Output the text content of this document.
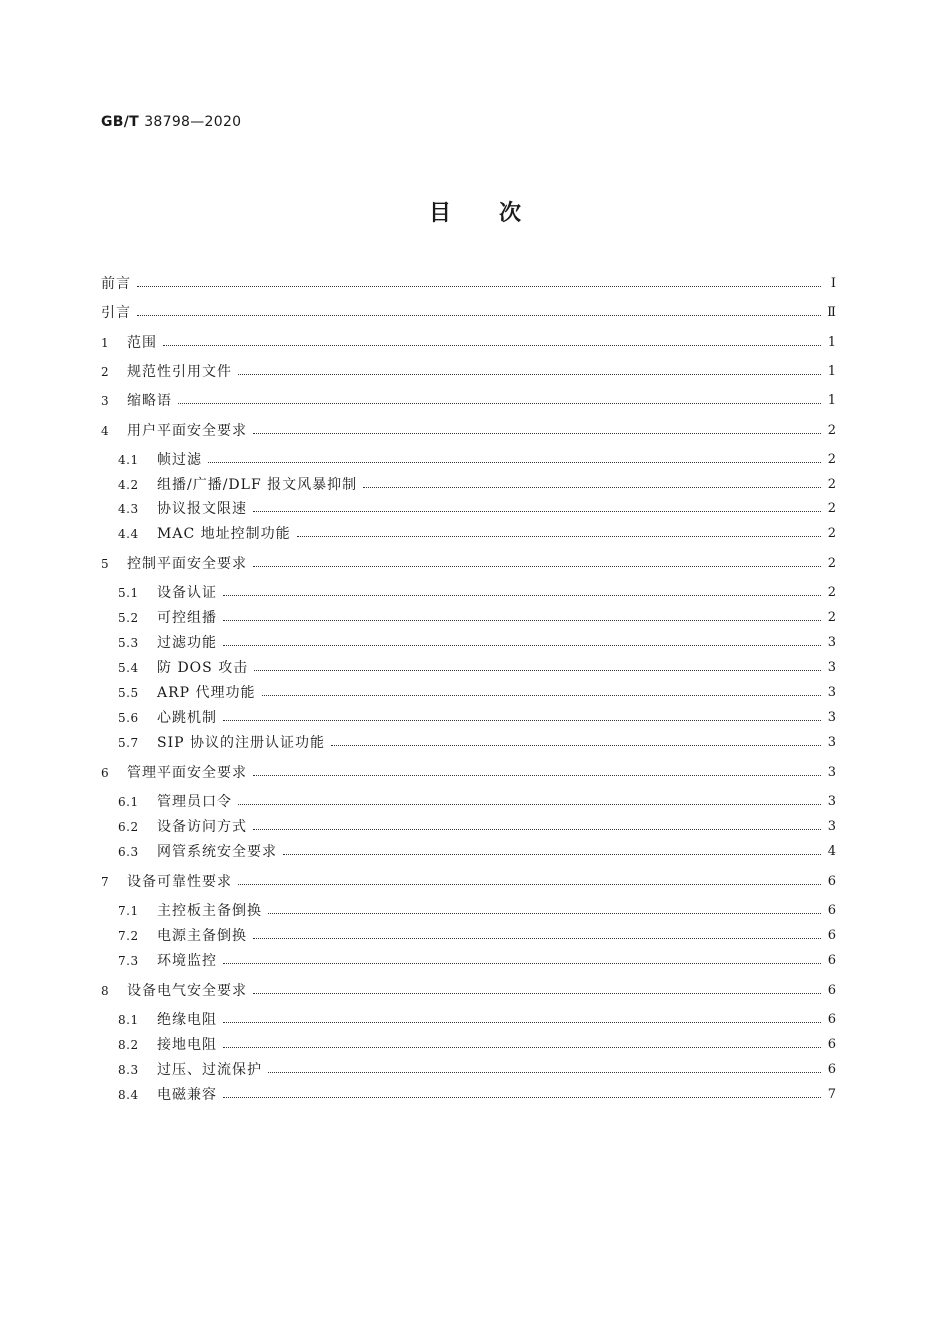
GB/T 38798—2020
目次
前言	Ⅰ
引言	Ⅱ
1	范围	1
2	规范性引用文件	1
3	缩略语	1
4	用户平面安全要求	2
4.1	帧过滤	2
4.2	组播/广播/DLF 报文风暴抑制	2
4.3	协议报文限速	2
4.4	MAC 地址控制功能	2
5	控制平面安全要求	2
5.1	设备认证	2
5.2	可控组播	2
5.3	过滤功能	3
5.4	防 DOS 攻击	3
5.5	ARP 代理功能	3
5.6	心跳机制	3
5.7	SIP 协议的注册认证功能	3
6	管理平面安全要求	3
6.1	管理员口令	3
6.2	设备访问方式	3
6.3	网管系统安全要求	4
7	设备可靠性要求	6
7.1	主控板主备倒换	6
7.2	电源主备倒换	6
7.3	环境监控	6
8	设备电气安全要求	6
8.1	绝缘电阻	6
8.2	接地电阻	6
8.3	过压、过流保护	6
8.4	电磁兼容	7
